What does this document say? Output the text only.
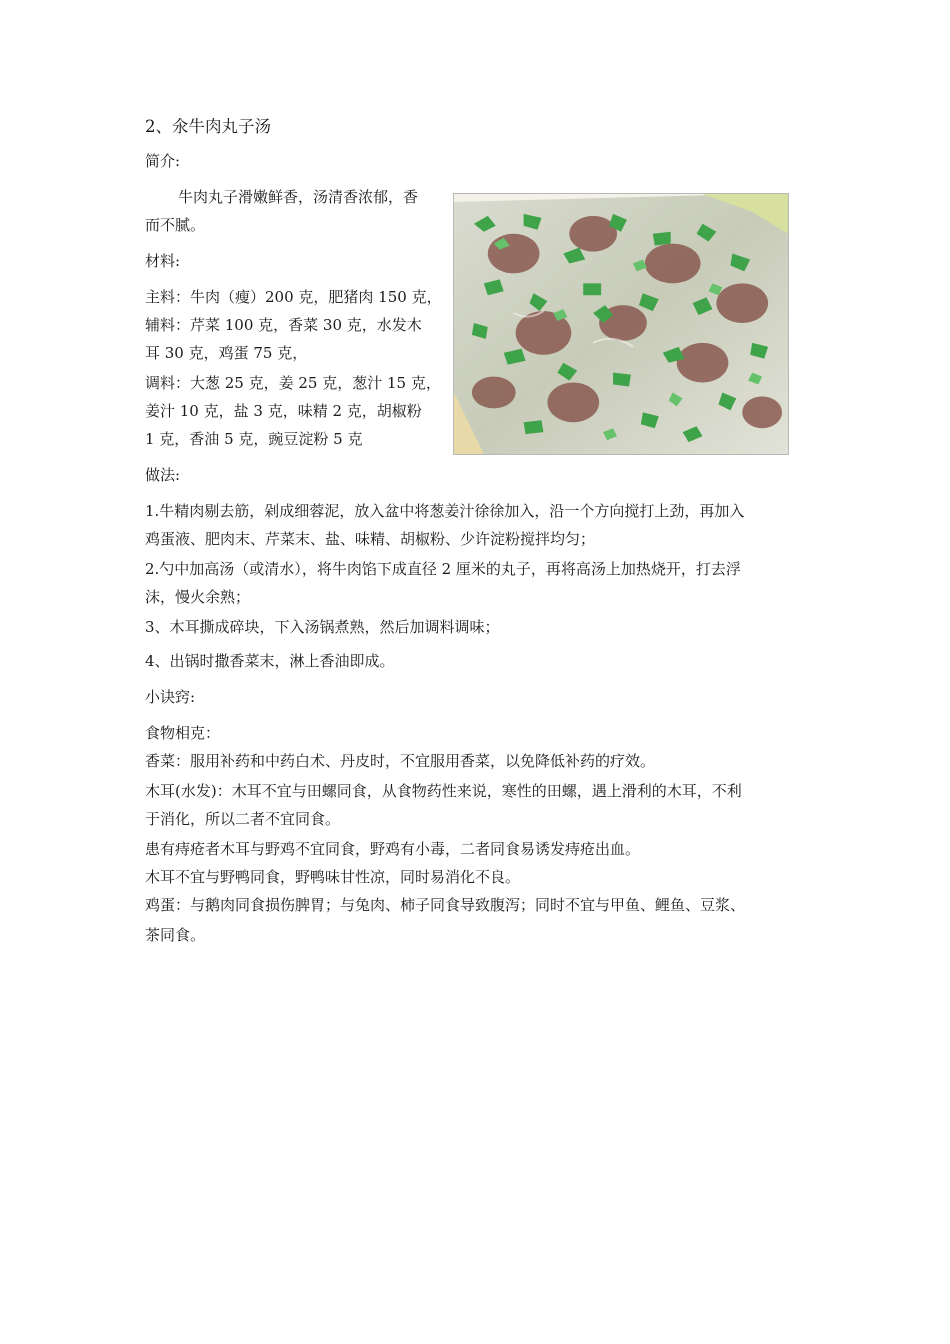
2、氽牛肉丸子汤
简介:
牛肉丸子滑嫩鲜香，汤清香浓郁，香
而不腻。
材料:
主料：牛肉（瘦）200 克，肥猪肉 150 克，
辅料：芹菜 100 克，香菜 30 克，水发木
耳 30 克，鸡蛋 75 克，
调料：大葱 25 克，姜 25 克，葱汁 15 克，
姜汁 10 克，盐 3 克，味精 2 克，胡椒粉
1 克，香油 5 克，豌豆淀粉 5 克
做法:
1.牛精肉剔去筋，剁成细蓉泥，放入盆中将葱姜汁徐徐加入，沿一个方向搅打上劲，再加入
鸡蛋液、肥肉末、芹菜末、盐、味精、胡椒粉、少许淀粉搅拌均匀；
2.勺中加高汤（或清水），将牛肉馅下成直径 2 厘米的丸子，再将高汤上加热烧开，打去浮
沫，慢火余熟；
3、木耳撕成碎块，下入汤锅煮熟，然后加调料调味；
4、出锅时撒香菜末，淋上香油即成。
小诀窍:
食物相克：
香菜：服用补药和中药白术、丹皮时，不宜服用香菜，以免降低补药的疗效。
木耳(水发)：木耳不宜与田螺同食，从食物药性来说，寒性的田螺，遇上滑利的木耳，不利
于消化，所以二者不宜同食。
患有痔疮者木耳与野鸡不宜同食，野鸡有小毒，二者同食易诱发痔疮出血。
木耳不宜与野鸭同食，野鸭味甘性凉，同时易消化不良。
鸡蛋：与鹅肉同食损伤脾胃；与兔肉、柿子同食导致腹泻；同时不宜与甲鱼、鲤鱼、豆浆、
茶同食。
